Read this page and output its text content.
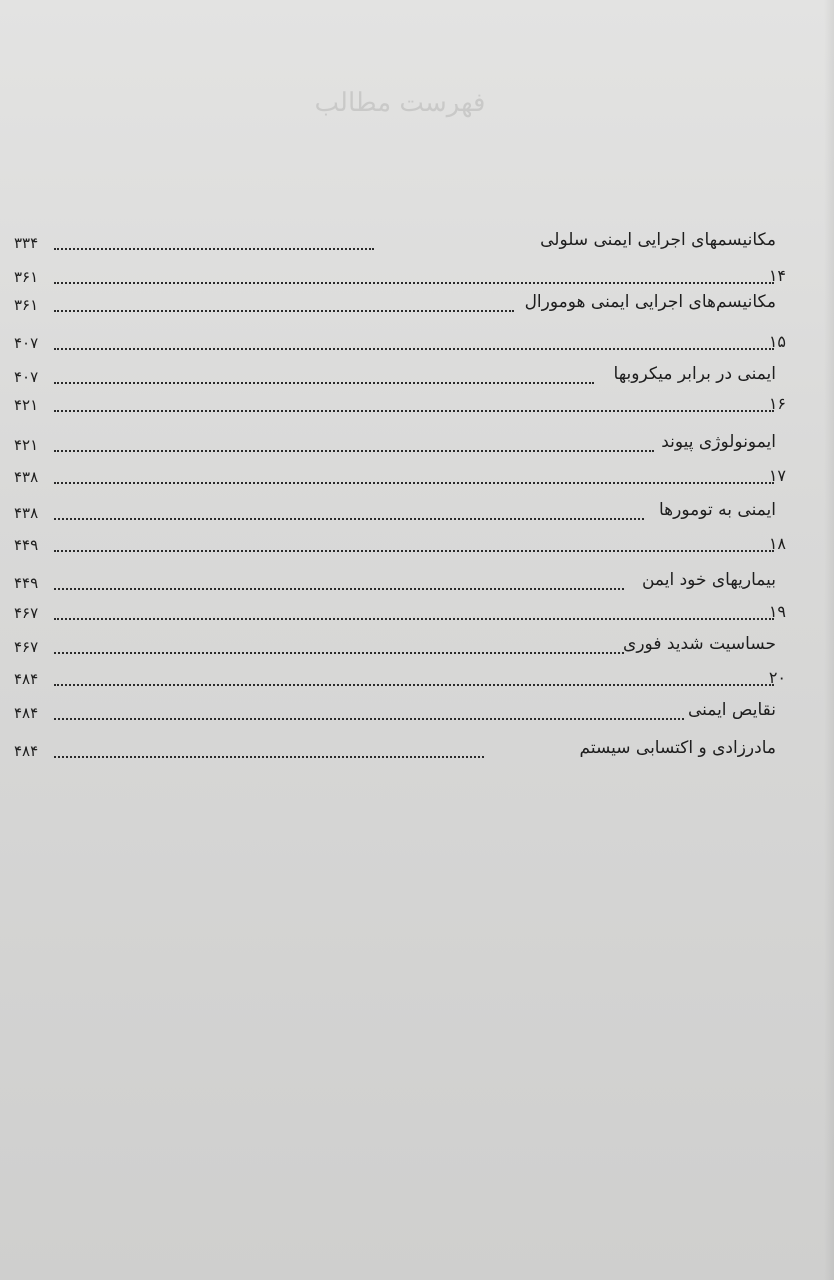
فهرست مطالب
۳۳۴	مکانیسمهای اجرایی ایمنی سلولی
۳۶۱	۱۴
۳۶۱	مکانیسم‌های اجرایی ایمنی هومورال
۴۰۷	۱۵
۴۰۷	ایمنی در برابر میکروبها
۴۲۱	۱۶
۴۲۱	ایمونولوژی پیوند
۴۳۸	۱۷
۴۳۸	ایمنی به تومورها
۴۴۹	۱۸
۴۴۹	بیماریهای خود ایمن
۴۶۷	۱۹
۴۶۷	حساسیت شدید فوری
۴۸۴	۲۰
۴۸۴	نقایص ایمنی
۴۸۴	مادرزادی و اکتسابی سیستم
